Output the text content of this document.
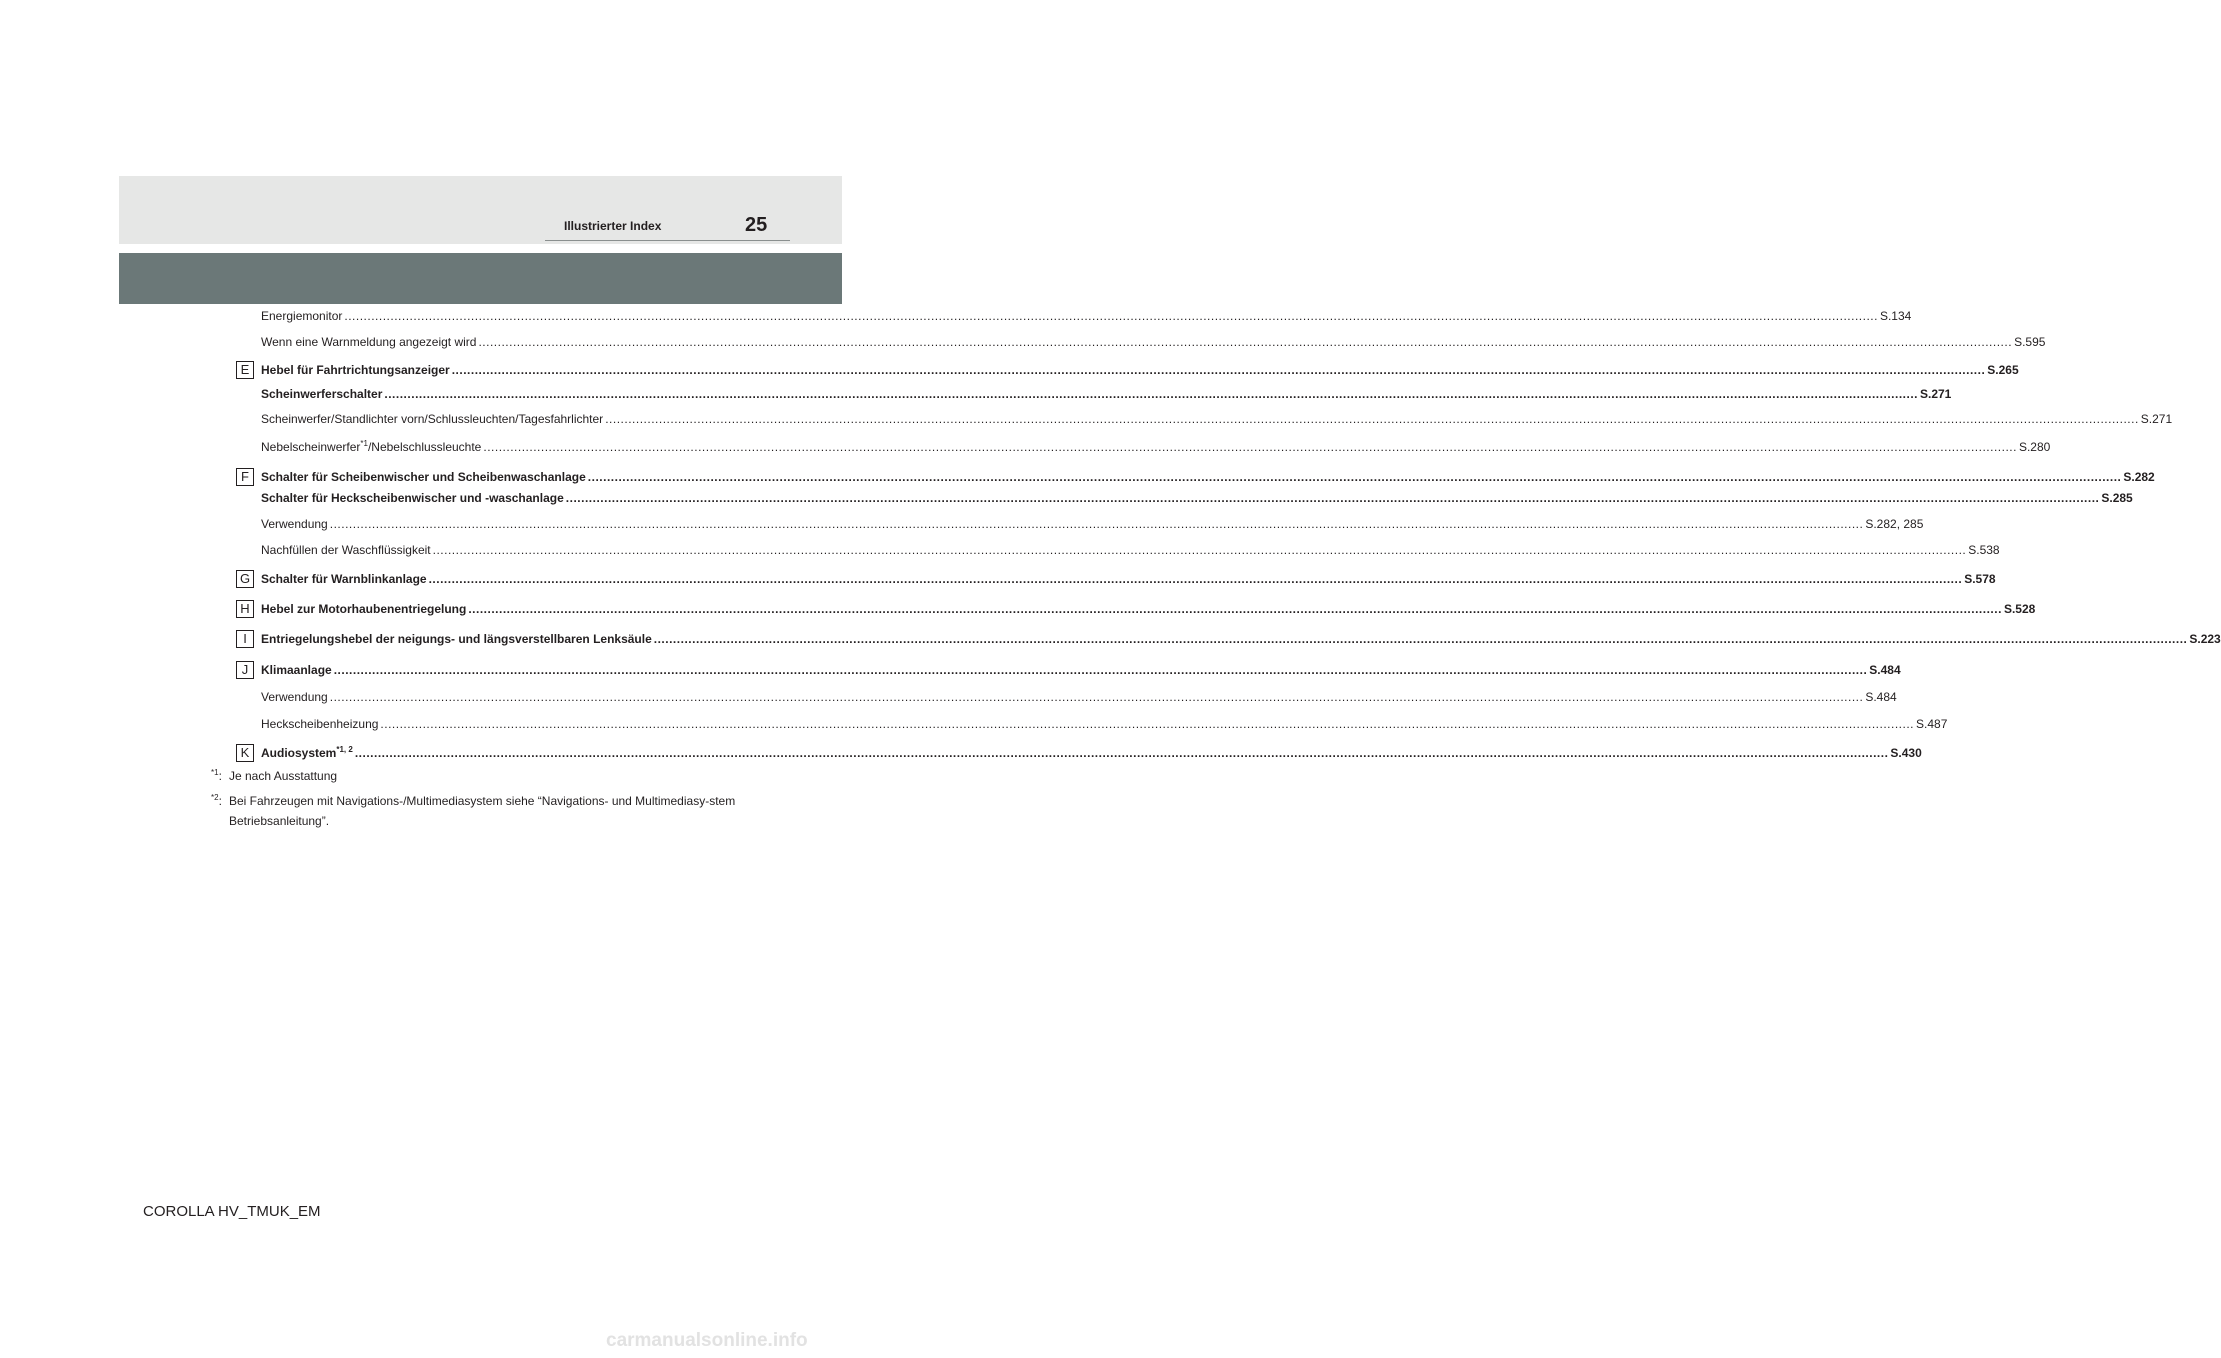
Illustrierter Index	25
Energiemonitor ................................................................................................................................................................................................................................................................................................................................................................................................................ S.134
Wenn eine Warnmeldung angezeigt wird ................................................................................................................................................................................................................................................................................................................................................................................................................ S.595
E Hebel für Fahrtrichtungsanzeiger ................................................................................................................................................................................................................................................................................................................................................................................................................ S.265
Scheinwerferschalter ................................................................................................................................................................................................................................................................................................................................................................................................................ S.271
Scheinwerfer/Standlichter vorn/Schlussleuchten/Tagesfahrlichter ................................................................................................................................................................................................................................................................................................................................................................................................................ S.271
Nebelscheinwerfer$^{*1}$/Nebelschlussleuchte ................................................................................................................................................................................................................................................................................................................................................................................................................ S.280
F	Schalter für Scheibenwischer und Scheibenwaschanlage ................................................................................................................................................................................................................................................................................................................................................................................................................ S.282
Schalter für Heckscheibenwischer und -waschanlage ................................................................................................................................................................................................................................................................................................................................................................................................................ S.285
Verwendung ................................................................................................................................................................................................................................................................................................................................................................................................................ S.282, 285
Nachfüllen der Waschflüssigkeit ................................................................................................................................................................................................................................................................................................................................................................................................................ S.538
G Schalter für Warnblinkanlage ................................................................................................................................................................................................................................................................................................................................................................................................................ S.578
H Hebel zur Motorhaubenentriegelung ................................................................................................................................................................................................................................................................................................................................................................................................................ S.528
I	Entriegelungshebel der neigungs- und längsverstellbaren Lenksäule ................................................................................................................................................................................................................................................................................................................................................................................................................ S.223
J	Klimaanlage ................................................................................................................................................................................................................................................................................................................................................................................................................ S.484
Verwendung ................................................................................................................................................................................................................................................................................................................................................................................................................ S.484
Heckscheibenheizung ................................................................................................................................................................................................................................................................................................................................................................................................................ S.487
K Audiosystem$^{*1, 2}$ ................................................................................................................................................................................................................................................................................................................................................................................................................ S.430
$^{*1}$: Je nach Ausstattung
$^{*2}$: Bei Fahrzeugen mit Navigations-/Multimediasystem siehe “Navigations- und Multimediasy-stem Betriebsanleitung”.
COROLLA HV_TMUK_EM
carmanualsonline.info
